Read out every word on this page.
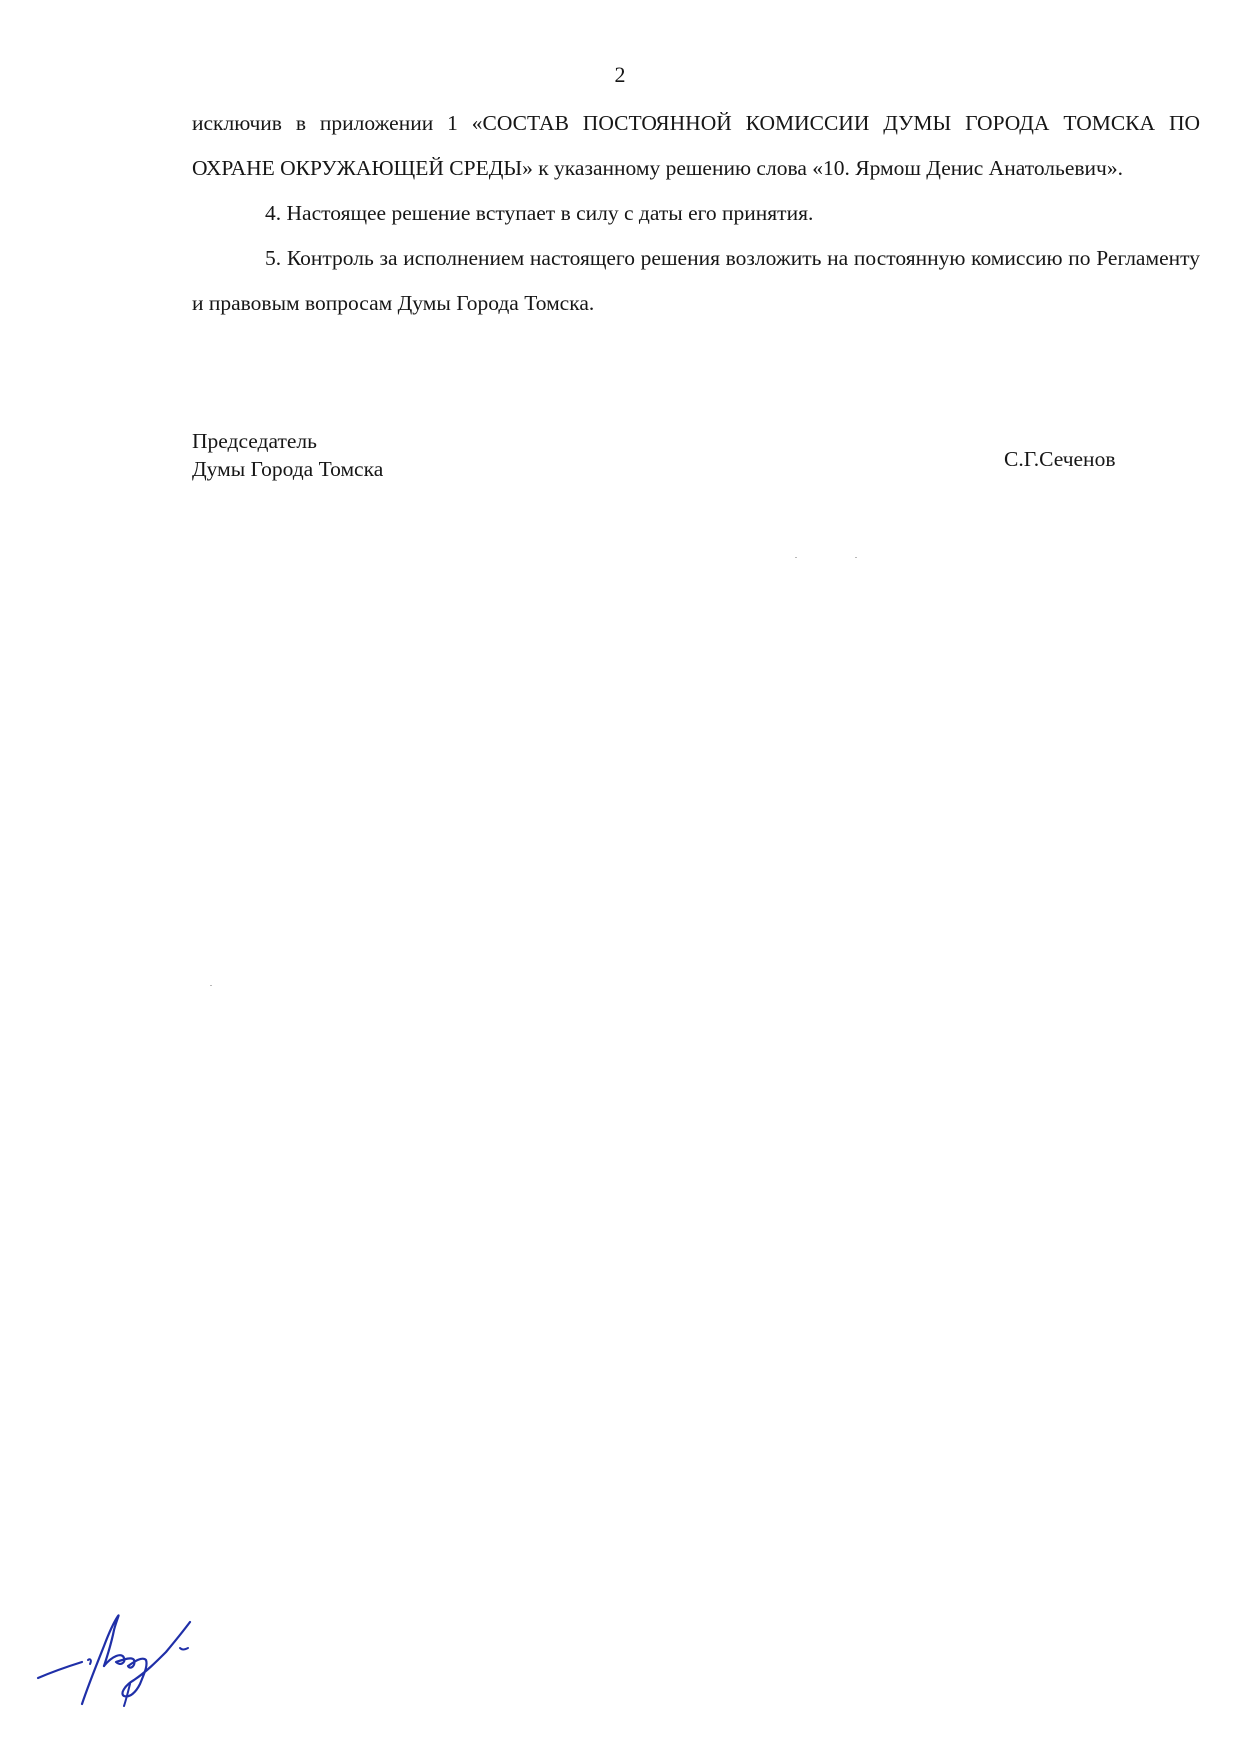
2

исключив в приложении 1 «СОСТАВ ПОСТОЯННОЙ КОМИССИИ ДУМЫ ГОРОДА ТОМСКА ПО ОХРАНЕ ОКРУЖАЮЩЕЙ СРЕДЫ» к указанному решению слова «10. Ярмош Денис Анатольевич».

4. Настоящее решение вступает в силу с даты его принятия.

5. Контроль за исполнением настоящего решения возложить на постоянную комиссию по Регламенту и правовым вопросам Думы Города Томска.

Председатель
Думы Города Томска	С.Г.Сеченов
